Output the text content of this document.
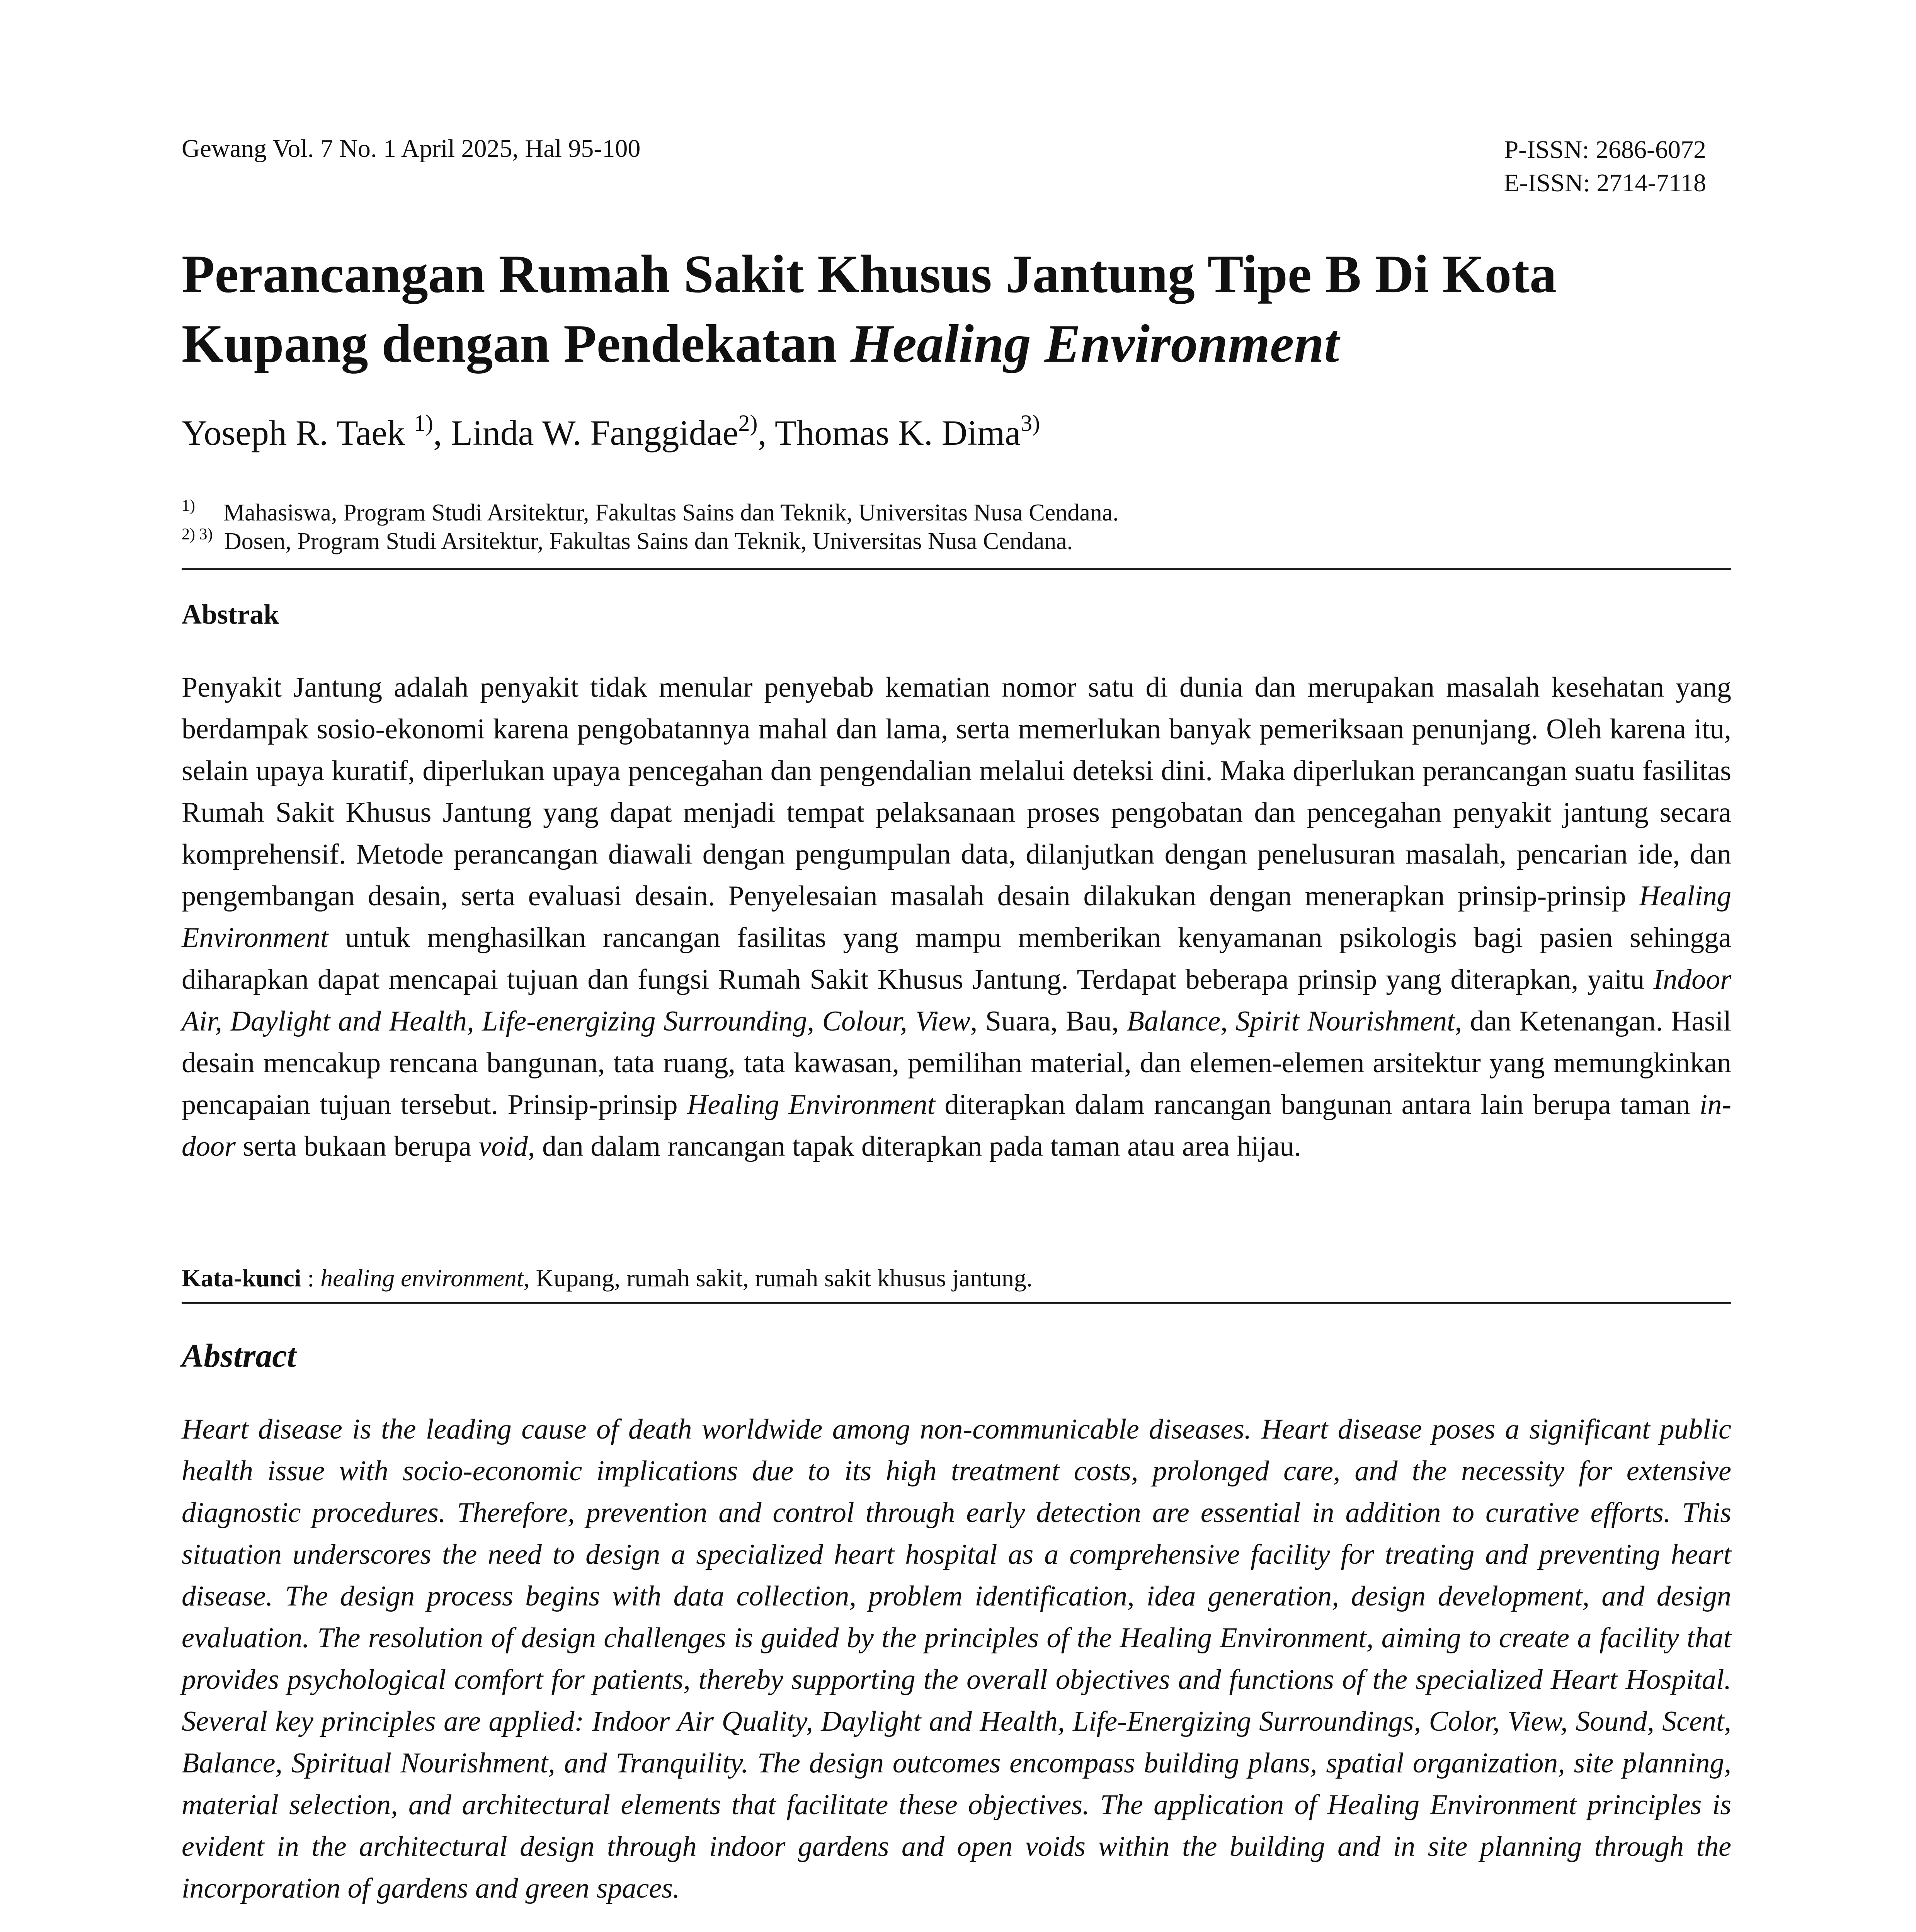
Gewang Vol. 7 No. 1 April 2025, Hal 95-100	P-ISSN: 2686-6072
E-ISSN: 2714-7118
Perancangan Rumah Sakit Khusus Jantung Tipe B Di Kota
Kupang dengan Pendekatan Healing Environment
Yoseph R. Taek $^{1)}$, Linda W. Fanggidae$^{2)}$, Thomas K. Dima$^{3)}$
1)	Mahasiswa, Program Studi Arsitektur, Fakultas Sains dan Teknik, Universitas Nusa Cendana.
2) 3) Dosen, Program Studi Arsitektur, Fakultas Sains dan Teknik, Universitas Nusa Cendana.
Abstrak

Penyakit Jantung adalah penyakit tidak menular penyebab kematian nomor satu di dunia dan merupakan masalah kesehatan yang berdampak sosio-ekonomi karena pengobatannya mahal dan lama, serta memerlukan banyak pemeriksaan penunjang. Oleh karena itu, selain upaya kuratif, diperlukan upaya pencegahan dan pengendalian melalui deteksi dini. Maka diperlukan perancangan suatu fasilitas Rumah Sakit Khusus Jantung yang dapat menjadi tempat pelaksanaan proses pengobatan dan pencegahan penyakit jantung secara komprehensif. Metode perancangan diawali dengan pengumpulan data, dilanjutkan dengan penelusuran masalah, pencarian ide, dan pengembangan desain, serta evaluasi desain. Penyelesaian masalah desain dilakukan dengan menerapkan prinsip-prinsip Healing Environment untuk menghasilkan rancangan fasilitas yang mampu memberikan kenyamanan psikologis bagi pasien sehingga diharapkan dapat mencapai tujuan dan fungsi Rumah Sakit Khusus Jantung. Terdapat beberapa prinsip yang diterapkan, yaitu Indoor Air, Daylight and Health, Life-energizing Surrounding, Colour, View, Suara, Bau, Balance, Spirit Nourishment, dan Ketenangan. Hasil desain mencakup rencana bangunan, tata ruang, tata kawasan, pemilihan material, dan elemen-elemen arsitektur yang memungkinkan pencapaian tujuan tersebut. Prinsip-prinsip Healing Environment diterapkan dalam rancangan bangunan antara lain berupa taman in-door serta bukaan berupa void, dan dalam rancangan tapak diterapkan pada taman atau area hijau.

Kata-kunci : healing environment, Kupang, rumah sakit, rumah sakit khusus jantung.
Abstract

Heart disease is the leading cause of death worldwide among non-communicable diseases. Heart disease poses a significant public health issue with socio-economic implications due to its high treatment costs, prolonged care, and the necessity for extensive diagnostic procedures. Therefore, prevention and control through early detection are essential in addition to curative efforts. This situation underscores the need to design a specialized heart hospital as a comprehensive facility for treating and preventing heart disease. The design process begins with data collection, problem identification, idea generation, design development, and design evaluation. The resolution of design challenges is guided by the principles of the Healing Environment, aiming to create a facility that provides psychological comfort for patients, thereby supporting the overall objectives and functions of the specialized Heart Hospital. Several key principles are applied: Indoor Air Quality, Daylight and Health, Life-Energizing Surroundings, Color, View, Sound, Scent, Balance, Spiritual Nourishment, and Tranquility. The design outcomes encompass building plans, spatial organization, site planning, material selection, and architectural elements that facilitate these objectives. The application of Healing Environment principles is evident in the architectural design through indoor gardens and open voids within the building and in site planning through the incorporation of gardens and green spaces.
